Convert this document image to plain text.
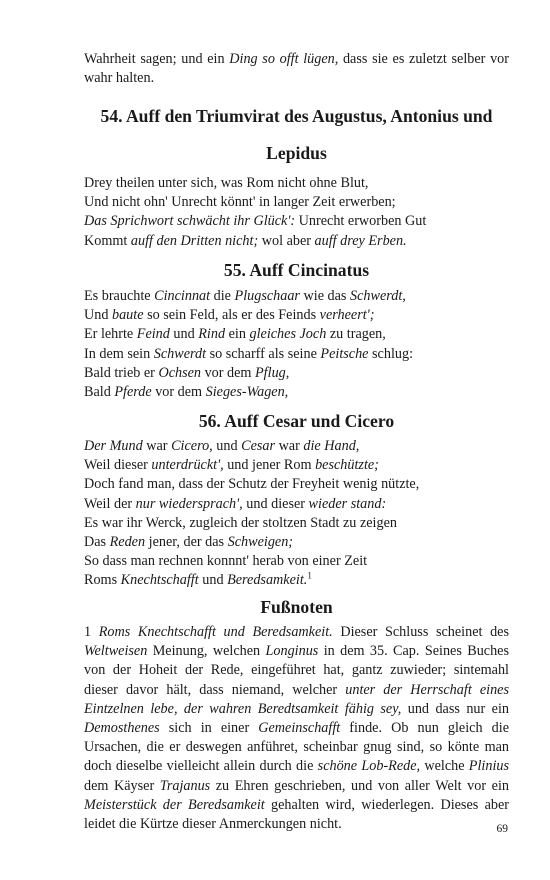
Wahrheit sagen; und ein Ding so offt lügen, dass sie es zuletzt selber vor wahr halten.

54. Auff den Triumvirat des Augustus, Antonius und Lepidus
Drey theilen unter sich, was Rom nicht ohne Blut,
Und nicht ohn' Unrecht könnt' in langer Zeit erwerben;
Das Sprichwort schwächt ihr Glück': Unrecht erworben Gut
Kommt auff den Dritten nicht; wol aber auff drey Erben.
55. Auff Cincinatus
Es brauchte Cincinnat die Plugschaar wie das Schwerdt,
Und baute so sein Feld, als er des Feinds verheert';
Er lehrte Feind und Rind ein gleiches Joch zu tragen,
In dem sein Schwerdt so scharff als seine Peitsche schlug:
Bald trieb er Ochsen vor dem Pflug,
Bald Pferde vor dem Sieges-Wagen,
56. Auff Cesar und Cicero
Der Mund war Cicero, und Cesar war die Hand,
Weil dieser unterdrückt', und jener Rom beschützte;
Doch fand man, dass der Schutz der Freyheit wenig nützte,
Weil der nur wiedersprach', und dieser wieder stand:
Es war ihr Werck, zugleich der stoltzen Stadt zu zeigen
Das Reden jener, der das Schweigen;
So dass man rechnen konnnt' herab von einer Zeit
Roms Knechtschafft und Beredsamkeit.$^1$
Fußnoten

1 Roms Knechtschafft und Beredsamkeit. Dieser Schluss scheinet des Weltweisen Meinung, welchen Longinus in dem 35. Cap. Seines Buches von der Hoheit der Rede, eingeführet hat, gantz zuwieder; sintemahl dieser davor hält, dass niemand, welcher unter der Herrschaft eines Eintzelnen lebe, der wahren Beredtsamkeit fähig sey, und dass nur ein Demosthenes sich in einer Gemeinschafft finde. Ob nun gleich die Ursachen, die er deswegen anführet, scheinbar gnug sind, so könte man doch dieselbe vielleicht allein durch die schöne Lob-Rede, welche Plinius dem Käyser Trajanus zu Ehren geschrieben, und von aller Welt vor ein Meisterstück der Beredsamkeit gehalten wird, wiederlegen. Dieses aber leidet die Kürtze dieser Anmerckungen nicht.	69
